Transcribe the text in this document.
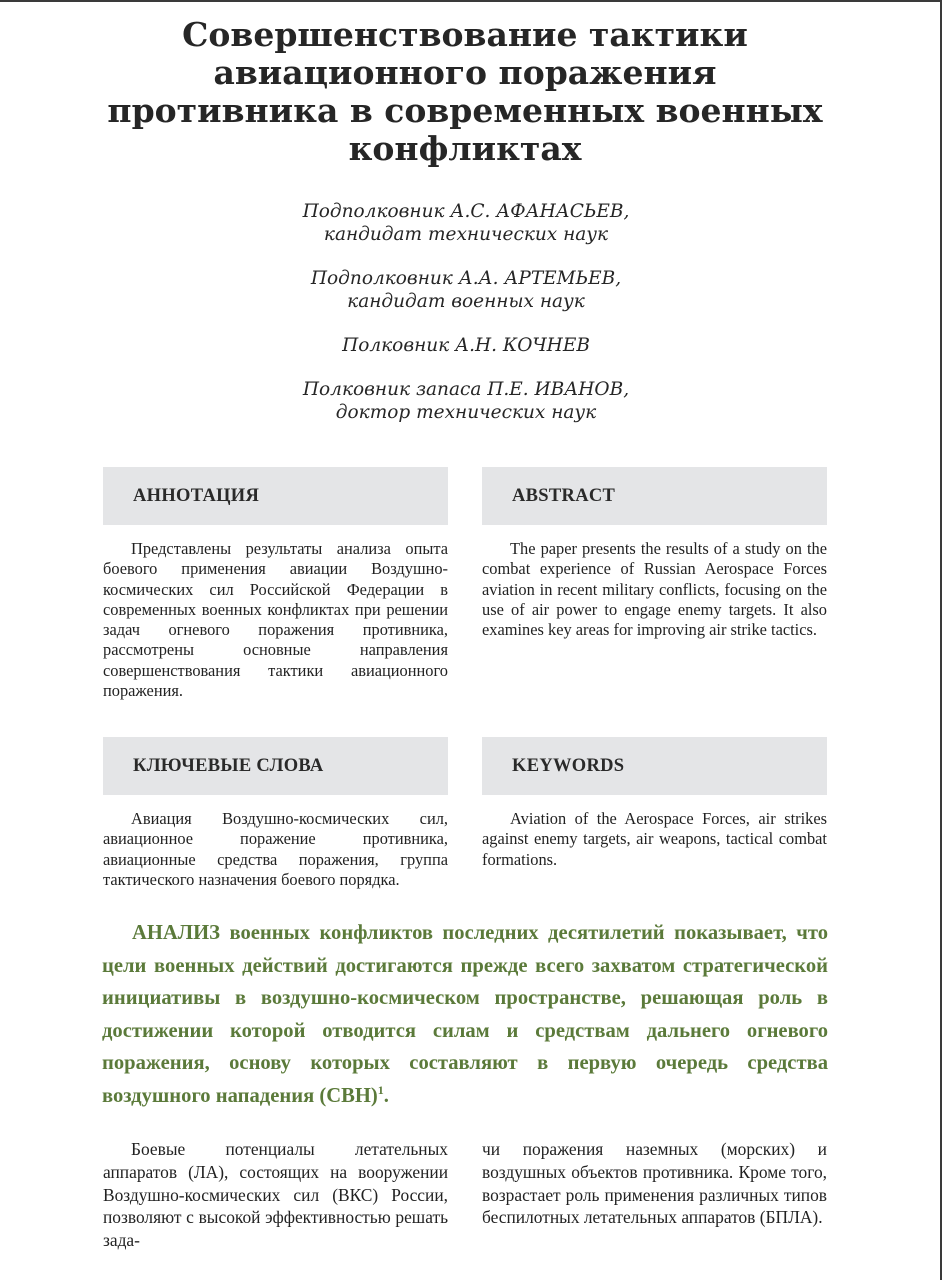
Совершенствование тактики авиационного поражения противника в современных военных конфликтах

Подполковник А.С. АФАНАСЬЕВ,
кандидат технических наук

Подполковник А.А. АРТЕМЬЕВ,
кандидат военных наук

Полковник А.Н. КОЧНЕВ

Полковник запаса П.Е. ИВАНОВ,
доктор технических наук

АННОТАЦИЯ	ABSTRACT
Представлены результаты анализа опыта боевого применения авиации Воздушно-космических сил Российской Федерации в современных военных конфликтах при решении задач огневого поражения противника, рассмотрены основные направления совершенствования тактики авиационного поражения.
The paper presents the results of a study on the combat experience of Russian Aerospace Forces aviation in recent military conflicts, focusing on the use of air power to engage enemy targets. It also examines key areas for improving air strike tactics.
КЛЮЧЕВЫЕ СЛОВА	KEYWORDS
Авиация Воздушно-космических сил, авиационное поражение противника, авиационные средства поражения, группа тактического назначения боевого порядка.
Aviation of the Aerospace Forces, air strikes against enemy targets, air weapons, tactical combat formations.
АНАЛИЗ военных конфликтов последних десятилетий показывает, что цели военных действий достигаются прежде всего захватом стратегической инициативы в воздушно-космическом пространстве, решающая роль в достижении которой отводится силам и средствам дальнего огневого поражения, основу которых составляют в первую очередь средства воздушного нападения (СВН)$^1$.
Боевые потенциалы летательных аппаратов (ЛА), состоящих на вооружении Воздушно-космических сил (ВКС) России, позволяют с высокой эффективностью решать зада-
чи поражения наземных (морских) и воздушных объектов противника. Кроме того, возрастает роль применения различных типов беспилотных летательных аппаратов (БПЛА).
